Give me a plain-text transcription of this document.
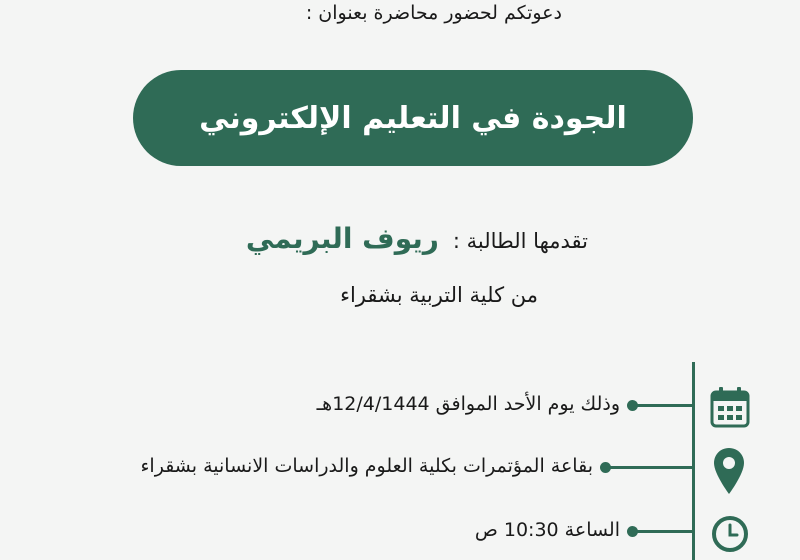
دعوتكم لحضور محاضرة بعنوان :
الجودة في التعليم الإلكتروني
تقدمها الطالبة :
ريوف البريمي
من كلية التربية بشقراء
وذلك يوم الأحد الموافق 12/4/1444هـ
بقاعة المؤتمرات بكلية العلوم والدراسات الانسانية بشقراء
الساعة 10:30 ص
